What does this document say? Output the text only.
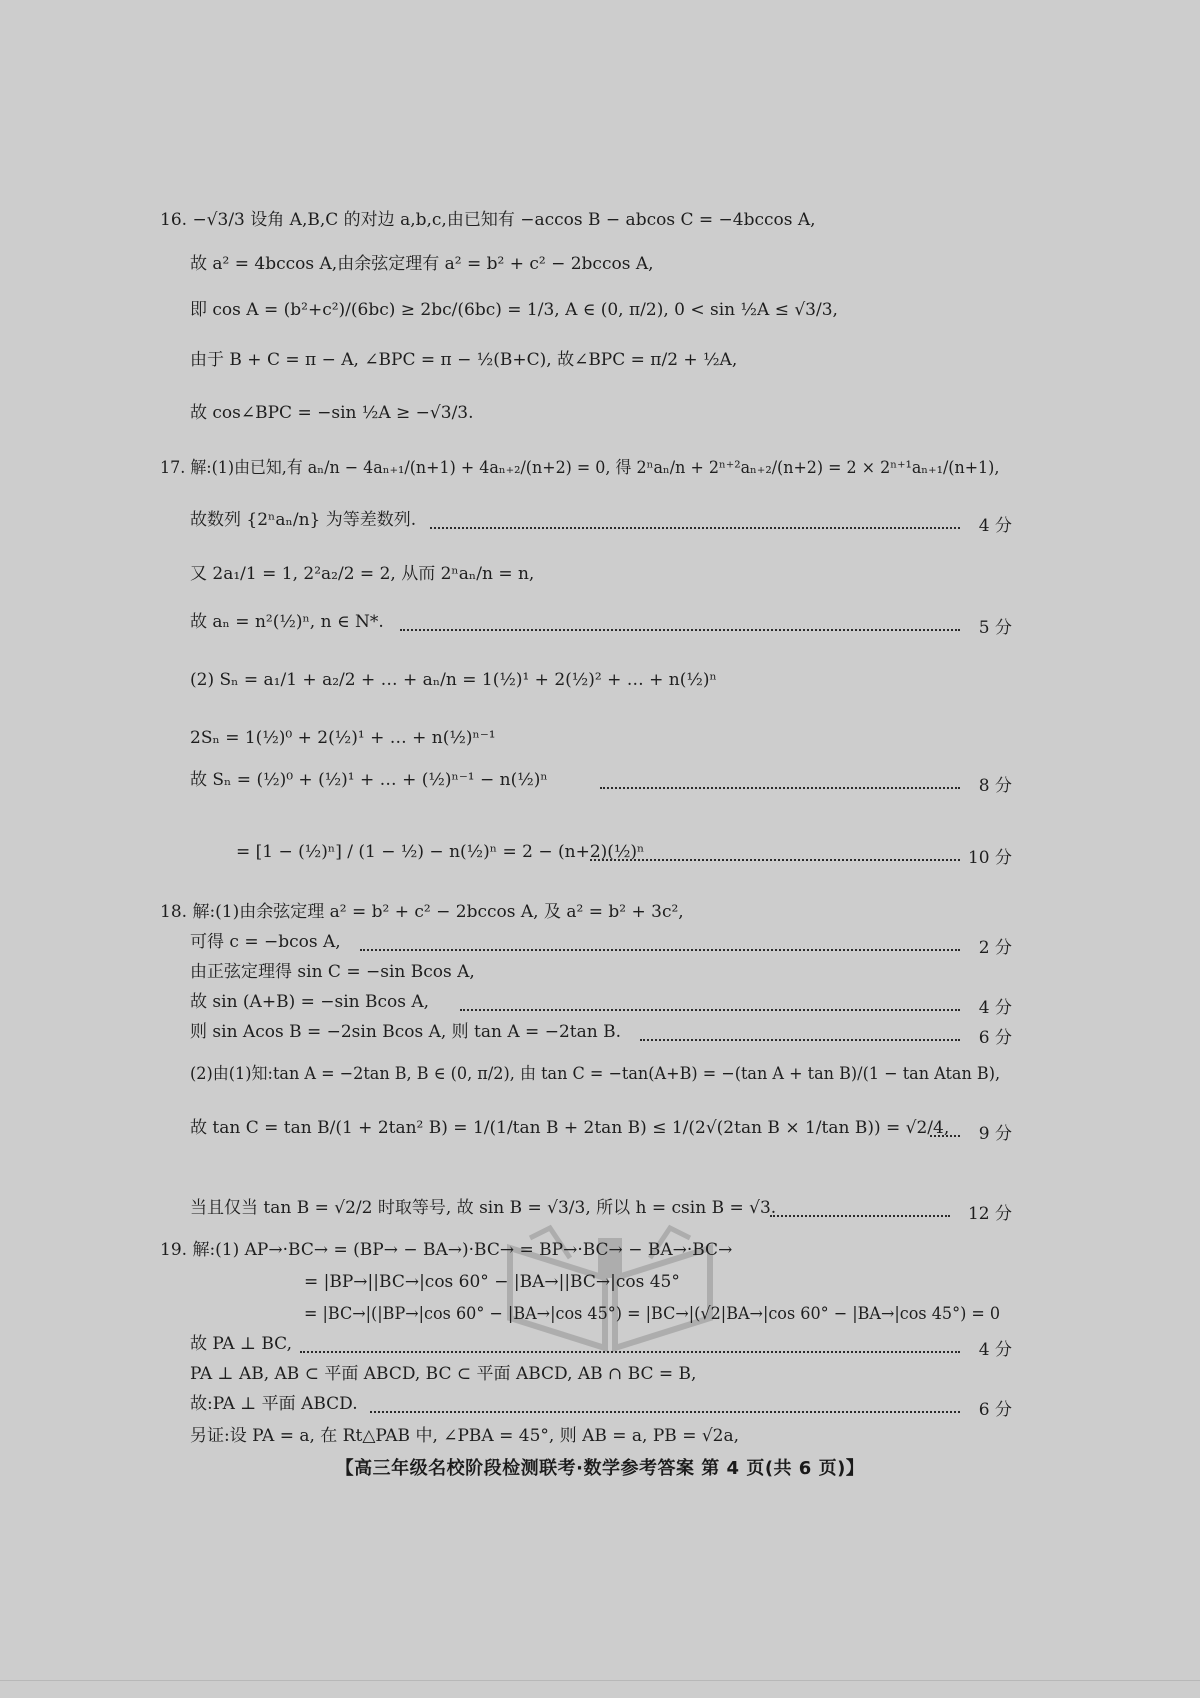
16. −√3/3 设角 A,B,C 的对边 a,b,c,由已知有 −accos B − abcos C = −4bccos A,
故 a² = 4bccos A,由余弦定理有 a² = b² + c² − 2bccos A,
即 cos A = (b²+c²)/(6bc) ≥ 2bc/(6bc) = 1/3, A ∈ (0, π/2), 0 < sin ½A ≤ √3/3,
由于 B + C = π − A, ∠BPC = π − ½(B+C), 故∠BPC = π/2 + ½A,
故 cos∠BPC = −sin ½A ≥ −√3/3.
17. 解:(1)由已知,有 aₙ/n − 4aₙ₊₁/(n+1) + 4aₙ₊₂/(n+2) = 0, 得 2ⁿaₙ/n + 2ⁿ⁺²aₙ₊₂/(n+2) = 2 × 2ⁿ⁺¹aₙ₊₁/(n+1),
故数列 {2ⁿaₙ/n} 为等差数列.	4 分
又 2a₁/1 = 1, 2²a₂/2 = 2, 从而 2ⁿaₙ/n = n,
故 aₙ = n²(½)ⁿ, n ∈ N*.	5 分
(2) Sₙ = a₁/1 + a₂/2 + … + aₙ/n = 1(½)¹ + 2(½)² + … + n(½)ⁿ
2Sₙ = 1(½)⁰ + 2(½)¹ + … + n(½)ⁿ⁻¹
故 Sₙ = (½)⁰ + (½)¹ + … + (½)ⁿ⁻¹ − n(½)ⁿ	8 分
= [1 − (½)ⁿ] / (1 − ½) − n(½)ⁿ = 2 − (n+2)(½)ⁿ	10 分
18. 解:(1)由余弦定理 a² = b² + c² − 2bccos A, 及 a² = b² + 3c²,
可得 c = −bcos A,	2 分
由正弦定理得 sin C = −sin Bcos A,
故 sin (A+B) = −sin Bcos A,	4 分
则 sin Acos B = −2sin Bcos A, 则 tan A = −2tan B.	6 分
(2)由(1)知:tan A = −2tan B, B ∈ (0, π/2), 由 tan C = −tan(A+B) = −(tan A + tan B)/(1 − tan Atan B),
故 tan C = tan B/(1 + 2tan² B) = 1/(1/tan B + 2tan B) ≤ 1/(2√(2tan B × 1/tan B)) = √2/4, 9 分
当且仅当 tan B = √2/2 时取等号, 故 sin B = √3/3, 所以 h = csin B = √3.	12 分
19. 解:(1) AP→·BC→ = (BP→ − BA→)·BC→ = BP→·BC→ − BA→·BC→
= |BP→||BC→|cos 60° − |BA→||BC→|cos 45°
= |BC→|(|BP→|cos 60° − |BA→|cos 45°) = |BC→|(√2|BA→|cos 60° − |BA→|cos 45°) = 0
故 PA ⊥ BC,	4 分
PA ⊥ AB, AB ⊂ 平面 ABCD, BC ⊂ 平面 ABCD, AB ∩ BC = B,
故:PA ⊥ 平面 ABCD.	6 分
另证:设 PA = a, 在 Rt△PAB 中, ∠PBA = 45°, 则 AB = a, PB = √2a,
【高三年级名校阶段检测联考·数学参考答案 第 4 页(共 6 页)】
